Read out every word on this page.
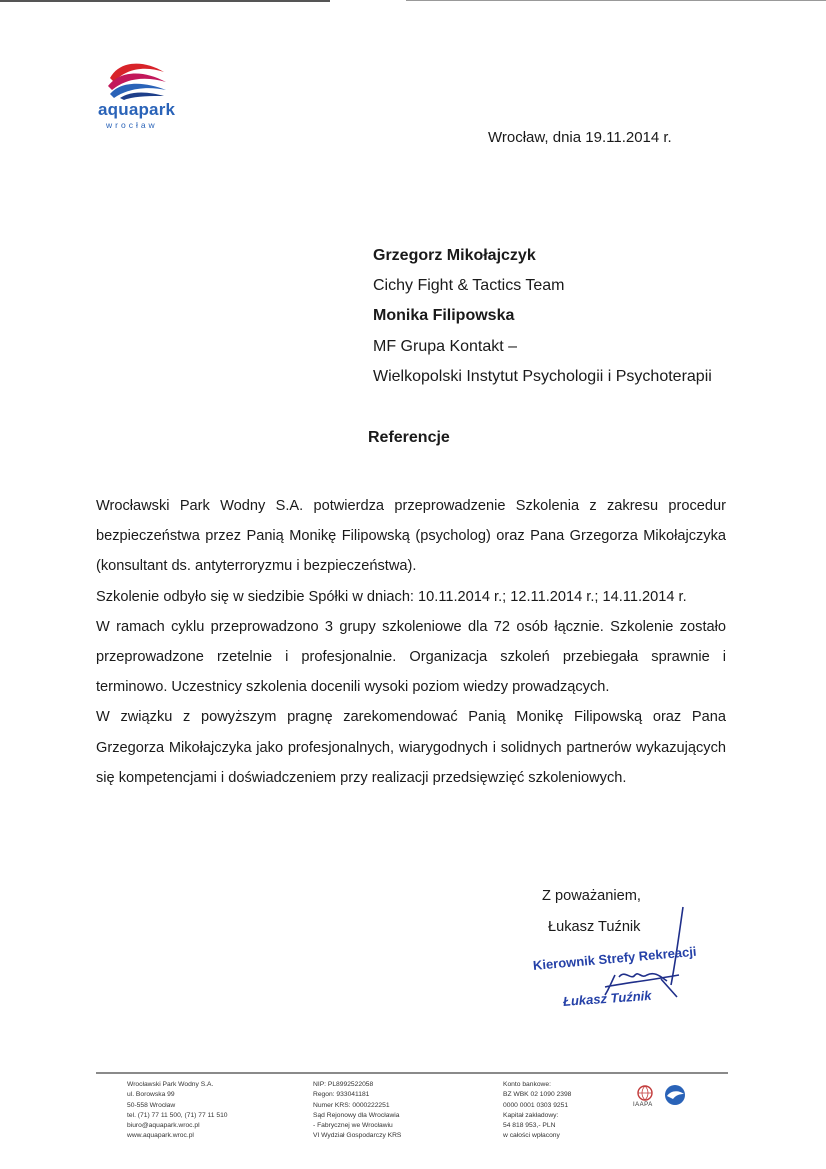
aquapark
wrocław
Wrocław, dnia 19.11.2014 r.
Grzegorz Mikołajczyk
Cichy Fight & Tactics Team
Monika Filipowska
MF Grupa Kontakt –
Wielkopolski Instytut Psychologii i Psychoterapii
Referencje

Wrocławski Park Wodny S.A. potwierdza przeprowadzenie Szkolenia z zakresu procedur bezpieczeństwa przez Panią Monikę Filipowską (psycholog) oraz Pana Grzegorza Mikołajczyka (konsultant ds. antyterroryzmu i bezpieczeństwa).

Szkolenie odbyło się w siedzibie Spółki w dniach: 10.11.2014 r.; 12.11.2014 r.; 14.11.2014 r.

W ramach cyklu przeprowadzono 3 grupy szkoleniowe dla 72 osób łącznie. Szkolenie zostało przeprowadzone rzetelnie i profesjonalnie. Organizacja szkoleń przebiegała sprawnie i terminowo. Uczestnicy szkolenia docenili wysoki poziom wiedzy prowadzących.

W związku z powyższym pragnę zarekomendować Panią Monikę Filipowską oraz Pana Grzegorza Mikołajczyka jako profesjonalnych, wiarygodnych i solidnych partnerów wykazujących się kompetencjami i doświadczeniem przy realizacji przedsięwzięć szkoleniowych.

Z poważaniem,
Łukasz Tuźnik
Kierownik Strefy Rekreacji
Łukasz Tuźnik
Wrocławski Park Wodny S.A.
ul. Borowska 99
50-558 Wrocław
tel. (71) 77 11 500, (71) 77 11 510
biuro@aquapark.wroc.pl
www.aquapark.wroc.pl
NIP: PL8992522058
Regon: 933041181
Numer KRS: 0000222251
Sąd Rejonowy dla Wrocławia
- Fabrycznej we Wrocławiu
VI Wydział Gospodarczy KRS
Konto bankowe:
BZ WBK 02 1090 2398
0000 0001 0303 9251
Kapitał zakładowy:
54 818 953,- PLN
w całości wpłacony
IAAPA
